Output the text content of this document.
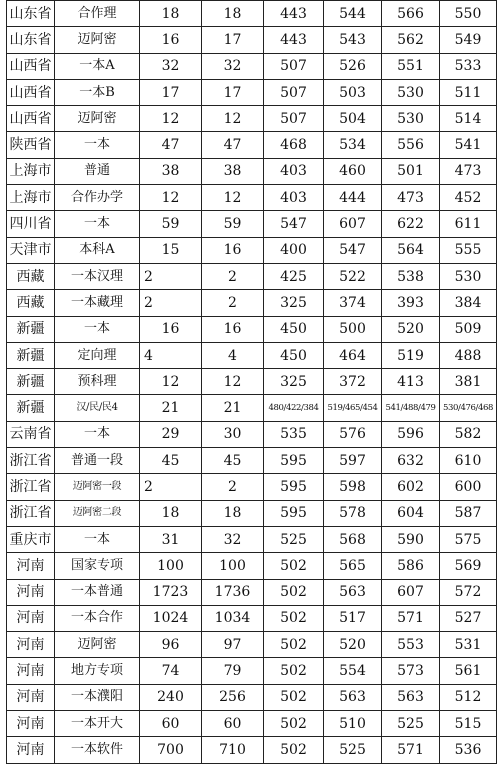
山东省	合作理	18	18	443	544	566	550
山东省	迈阿密	16	17	443	543	562	549
山西省	一本A	32	32	507	526	551	533
山西省	一本B	17	17	507	503	530	511
山西省	迈阿密	12	12	507	504	530	514
陕西省	一本	47	47	468	534	556	541
上海市	普通	38	38	403	460	501	473
上海市	合作办学	12	12	403	444	473	452
四川省	一本	59	59	547	607	622	611
天津市	本科A	15	16	400	547	564	555
西藏	一本汉理	2	2	425	522	538	530
西藏	一本藏理	2	2	325	374	393	384
新疆	一本	16	16	450	500	520	509
新疆	定向理	4	4	450	464	519	488
新疆	预科理	12	12	325	372	413	381
新疆	汉/民/民4	21	21	480/422/384	519/465/454	541/488/479	530/476/468
云南省	一本	29	30	535	576	596	582
浙江省	普通一段	45	45	595	597	632	610
浙江省	迈阿密一段	2	2	595	598	602	600
浙江省	迈阿密二段	18	18	595	578	604	587
重庆市	一本	31	32	525	568	590	575
河南	国家专项	100	100	502	565	586	569
河南	一本普通	1723	1736	502	563	607	572
河南	一本合作	1024	1034	502	517	571	527
河南	迈阿密	96	97	502	520	553	531
河南	地方专项	74	79	502	554	573	561
河南	一本濮阳	240	256	502	563	563	512
河南	一本开大	60	60	502	510	525	515
河南	一本软件	700	710	502	525	571	536
